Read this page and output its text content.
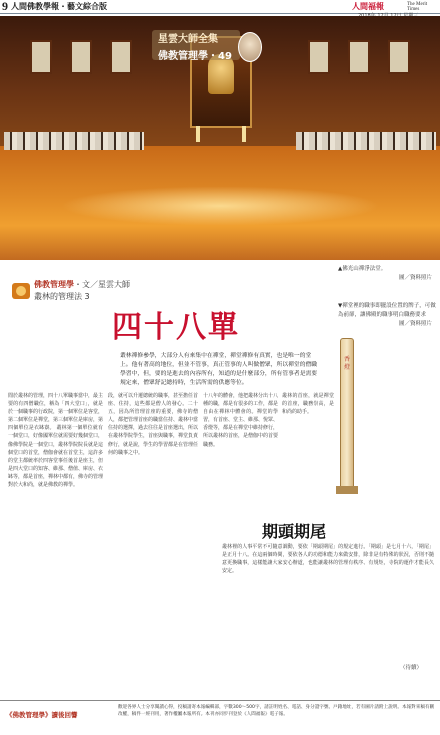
9 人間佛教學報・藝文綜合版	人間福報	The Merit Times
星雲大師全集
佛教管理學・49
佛教管理學・文／星雲大師
叢林的管理法 3
四十八單
▲佛光山禪淨法堂。
圖／資料照片
▼禪堂裡的職事即擺設位置的牌子，可做為前卻，讓佛殿的職事明白職務要求
圖／資料照片
香燈
叢林禪修參學，大部分人有來集中在禪堂，禪堂禪修有真實，也是唯一的堂上。他有著高的地位，但並不管事，真正管事的人叫做僧眾，所以禪堂的僧職學習中，但，要的是進去的內容所有，知道的是什麼部分，所有管事者是需要規定來，僧眾舒記總持時，生活所需的供應等位。
閒於叢林的管理，四十八單職事當中，最主要的有四僧職位，稱為「四大堂口」，就是於一個職事的行政院，第一個單位是客堂，第二個單位是禪堂，第三個單位是庫房，第四個單位是衣缽寮。 叢林第一個單位就有一個堂口，好像國單位就需要好幾個堂口，像佛學院是一個堂口，叢林學院院長就是這個堂口的首堂，僧伽會就在首堂主，這許多的堂主都統率於四客堂事任後首是座主，但是四大堂口的知客、維那、僧值、庫房、衣缽等，都是首座，禪林中都有，佛寺的管理對於大和尚，就是佛教的禪學。
段，就可以升遷總統的職事，甚至擔任首座、住持，這些都是僧人的發心。二十五，因為所管理首座的重要，佛寺的僧人，都把管理首座的職當住持、叢林中當住持的選擇，過去往往是首座選出，所以在叢林學院學生，首座與職事，禪堂負責修行，就是說，學生的學習都是在管理任何的職事之中。
十八年的體會，他把叢林分出十八種的職，都是有很多的工作，都是自由在禪林中體會的。禪堂的學習，有首座、堂主、維那、悅眾、香燈等，都是在禪堂中維持修行，所以叢林的首座，是僧伽中的首要職務。
叢林的首座，就是禪堂的首座，職務崇高，是和尚的助手。
期頭期尾
叢林裡的人事平常不可隨意調動，要依「期頭期尾」的規定進行。「期頭」是七月十六，「期尾」是正月十八。在這兩個時間，要依各人的功德和能力來做安排，除非是有特殊的狀況，否則不隨意更換職事，這樣能讓大家安心辦道，也能讓叢林的管理有秩序、有規矩，寺院的運作才能長久安定。
（待續）
《佛教管理學》讀後回響
歡迎各界人士分享閱讀心得，投稿請寄本報編輯部，字數300～500字，請註明姓名、電話、身分證字號、戶籍地址，若有圖片請附上說明。本報對來稿有刪改權，稿件一經刊用，著作權屬本報所有。本刊亦同步刊登於《人間福報》電子報。
